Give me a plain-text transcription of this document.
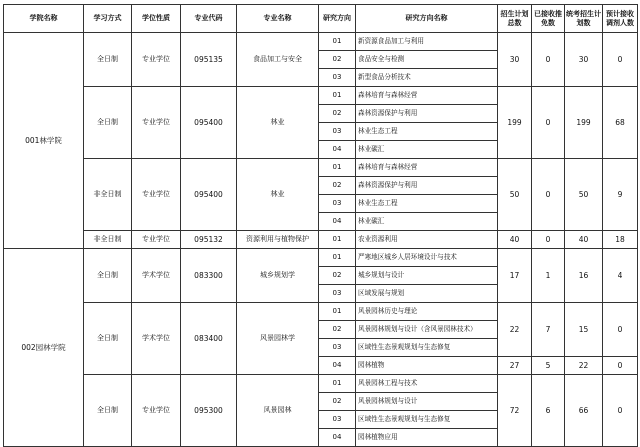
学院名称	学习方式	学位性质	专业代码	专业名称	研究方向	研究方向名称	招生计划总数	已接收推免数	统考招生计划数	预计接收调剂人数
001林学院	全日制	专业学位	095135	食品加工与安全	01	新资源食品加工与利用	30	0	30	0
					02	食品安全与检测				
					03	新型食品分析技术				
	全日制	专业学位	095400	林业	01	森林培育与森林经营	199	0	199	68
					02	森林资源保护与利用				
					03	林业生态工程				
					04	林业碳汇				
	非全日制	专业学位	095400	林业	01	森林培育与森林经营	50	0	50	9
					02	森林资源保护与利用				
					03	林业生态工程				
					04	林业碳汇				
	非全日制	专业学位	095132	资源利用与植物保护	01	农业资源利用	40	0	40	18
002园林学院	全日制	学术学位	083300	城乡规划学	01	严寒地区城乡人居环境设计与技术	17	1	16	4
					02	城乡规划与设计				
					03	区域发展与规划				
	全日制	学术学位	083400	风景园林学	01	风景园林历史与理论	22	7	15	0
					02	风景园林规划与设计（含风景园林技术）				
					03	区域性生态景观规划与生态修复				
					04	园林植物	27	5	22	0
	全日制	专业学位	095300	风景园林	01	风景园林工程与技术	72	6	66	0
					02	风景园林规划与设计				
					03	区域性生态景观规划与生态修复				
					04	园林植物应用				
